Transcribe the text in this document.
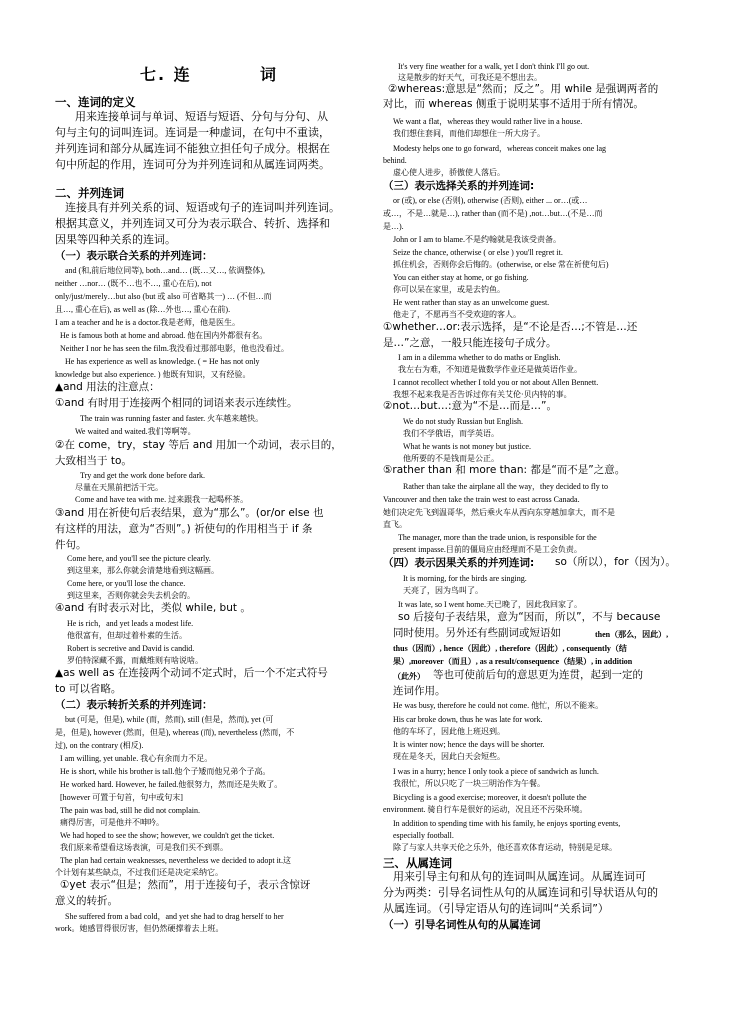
七. 连	词
一、连词的定义
用来连接单词与单词、短语与短语、分句与分句、从
句与主句的词叫连词。连词是一种虚词，在句中不重读，
并列连词和部分从属连词不能独立担任句子成分。根据在
句中所起的作用，连词可分为并列连词和从属连词两类。
二、并列连词
连接具有并列关系的词、短语或句子的连词叫并列连词。
根据其意义，并列连词又可分为表示联合、转折、选择和
因果等四种关系的连词。
（一）表示联合关系的并列连词：
and (和,前后地位同等), both…and… (既…又…, 依调整体),
neither …nor… (既不…也不…, 重心在后), not
only/just/merely…but also (but 或 also 可省略其一) … (不但…而
且…, 重心在后), as well as (除…外也…, 重心在前).
I am a teacher and he is a doctor.我是老师，他是医生。
He is famous both at home and abroad. 他在国内外都很有名。
Neither I nor he has seen the film.我没看过那部电影，他也没看过。
He has experience as well as knowledge. ( = He has not only
knowledge but also experience. ) 他既有知识，又有经验。
▲and 用法的注意点：
①and 有时用于连接两个相同的词语来表示连续性。
The train was running faster and faster. 火车越来越快。
We waited and waited.我们等啊等。
②在 come，try，stay 等后 and 用加一个动词，表示目的，
大致相当于 to。
Try and get the work done before dark.
尽量在天黑前把活干完。
Come and have tea with me. 过来跟我一起喝杯茶。
③and 用在祈使句后表结果，意为“那么”。(or/or else 也
有这样的用法，意为“否则”。) 祈使句的作用相当于 if 条
件句。
Come here, and you'll see the picture clearly.
到这里来，那么你就会清楚地看到这幅画。
Come here, or you'll lose the chance.
到这里来，否则你就会失去机会的。
④and 有时表示对比，类似 while, but 。
He is rich，and yet leads a modest life.
他很富有，但却过着朴素的生活。
Robert is secretive and David is candid.
罗伯特深藏不露，而戴维则有啥说啥。
▲as well as 在连接两个动词不定式时，后一个不定式符号
to 可以省略。
（二）表示转折关系的并列连词：
but (可是，但是), while (而，然而), still (但是，然而), yet (可
是，但是), however (然而，但是), whereas (而), nevertheless (然而，不
过), on the contrary (相反).
I am willing, yet unable. 我心有余而力不足。
He is short, while his brother is tall.他个子矮而他兄弟个子高。
He worked hard. However, he failed.他很努力，然而还是失败了。
[however 可置于句首，句中或句末]
The pain was bad, still he did not complain.
痛得厉害，可是他并不呻吟。
We had hoped to see the show; however, we couldn't get the ticket.
我们原来希望看这场表演，可是我们买不到票。
The plan had certain weaknesses, nevertheless we decided to adopt it.这
个计划有某些缺点，不过我们还是决定采纳它。
①yet 表示“但是；然而”，用于连接句子，表示含惊讶
意义的转折。
She suffered from a bad cold，and yet she had to drag herself to her
work。她感冒得很厉害，但仍然硬撑着去上班。
It's very fine weather for a walk, yet I don't think I'll go out.
这是散步的好天气，可我还是不想出去。
②whereas:意思是“然而；反之”。用 while 是强调两者的
对比，而 whereas 侧重于说明某事不适用于所有情况。
We want a flat，whereas they would rather live in a house.
我们想住套间，而他们却想住一所大房子。
Modesty helps one to go forward，whereas conceit makes one lag
behind.
虚心使人进步，骄傲使人落后。
（三）表示选择关系的并列连词:
or (或), or else (否则), otherwise (否则), either ... or…(或…
或…，不是…就是…), rather than (而不是) ,not…but…(不是…而
是…).
John or I am to blame.不是约翰就是我该受责备。
Seize the chance, otherwise ( or else ) you'll regret it.
抓住机会，否则你会后悔的。(otherwise, or else 常在祈使句后)
You can either stay at home, or go fishing.
你可以呆在家里，或是去钓鱼。
He went rather than stay as an unwelcome guest.
他走了，不愿再当不受欢迎的客人。
①whether…or:表示选择，是“不论是否…;不管是…还
是…”之意，一般只能连接句子成分。
I am in a dilemma whether to do maths or English.
我左右为难，不知道是做数学作业还是做英语作业。
I cannot recollect whether I told you or not about Allen Bennett.
我想不起来我是否告诉过你有关艾伦·贝内特的事。
②not…but…:意为“不是…而是…”。
We do not study Russian but English.
我们不学俄语，而学英语。
What he wants is not money but justice.
他所要的不是钱而是公正。
⑤rather than 和 more than: 都是“而不是”之意。
Rather than take the airplane all the way，they decided to fly to
Vancouver and then take the train west to east across Canada.
她们决定先飞到温哥华，然后乘火车从西向东穿越加拿大，而不是
直飞。
The manager, more than the trade union, is responsible for the
present impasse.目前的僵局应由经理而不是工会负责。
（四）表示因果关系的并列连词: so（所以），for（因为）。
It is morning, for the birds are singing.
天亮了，因为鸟叫了。
It was late, so I went home.天已晚了，因此我回家了。
so 后接句子表结果，意为“因而，所以”，不与 because
同时使用。另外还有些副词或短语如	then（那么，因此）,
thus（因而）, hence（因此）, therefore（因此）, consequently（结
果）,moreover（而且）, as a result/consequence（结果）, in addition
（此外） 等也可使前后句的意思更为连贯，起到一定的
连词作用。
He was busy, therefore he could not come. 他忙，所以不能来。
His car broke down, thus he was late for work.
他的车坏了，因此他上班迟到。
It is winter now; hence the days will be shorter.
现在是冬天，因此白天会短些。
I was in a hurry; hence I only took a piece of sandwich as lunch.
我很忙，所以只吃了一块三明治作为午餐。
Bicycling is a good exercise; moreover, it doesn't pollute the
environment. 骑自行车是很好的运动，况且还不污染环境。
In addition to spending time with his family, he enjoys sporting events,
especially football.
除了与家人共享天伦之乐外，他还喜欢体育运动，特别是足球。
三、从属连词
用来引导主句和从句的连词叫从属连词。从属连词可
分为两类：引导名词性从句的从属连词和引导状语从句的
从属连词。（引导定语从句的连词叫“关系词”）
（一）引导名词性从句的从属连词
